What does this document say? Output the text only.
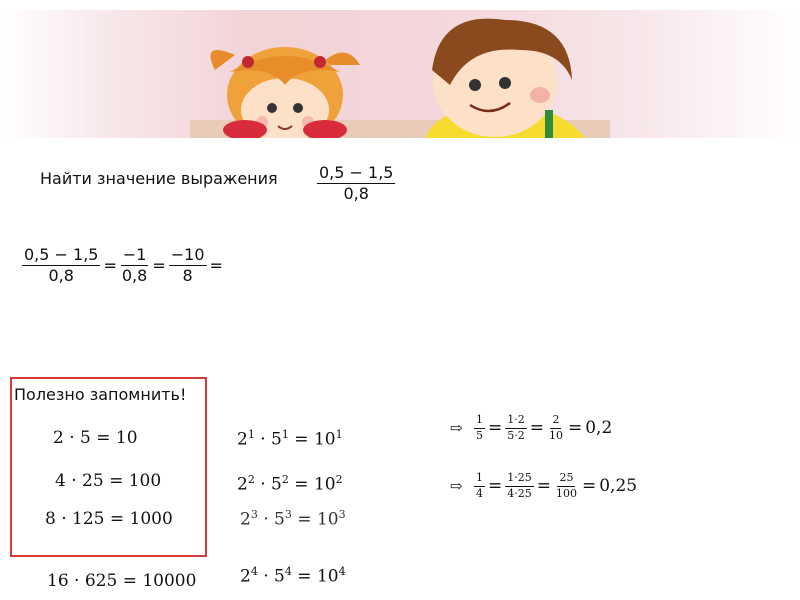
Найти значение выражения $\frac{0,5 - 1,5}{0,8}$
$\frac{0,5 - 1,5}{0,8} = \frac{-1}{0,8} = \frac{-10}{8}$ =
Полезно запомнить!
2 · 5 = 10
4 · 25 = 100
8 · 125 = 1000
16 · 625 = 10000
$2^1 \cdot 5^1 = 10^1$
$2^2 \cdot 5^2 = 10^2$
$2^3 \cdot 5^3 = 10^3$
$2^4 \cdot 5^4 = 10^4$
⇨ $\frac{1}{5} = \frac{1\cdot 2}{5\cdot 2} = \frac{2}{10} = 0,2$
⇨ $\frac{1}{4} = \frac{1\cdot 25}{4\cdot 25} = \frac{25}{100} = 0,25$
